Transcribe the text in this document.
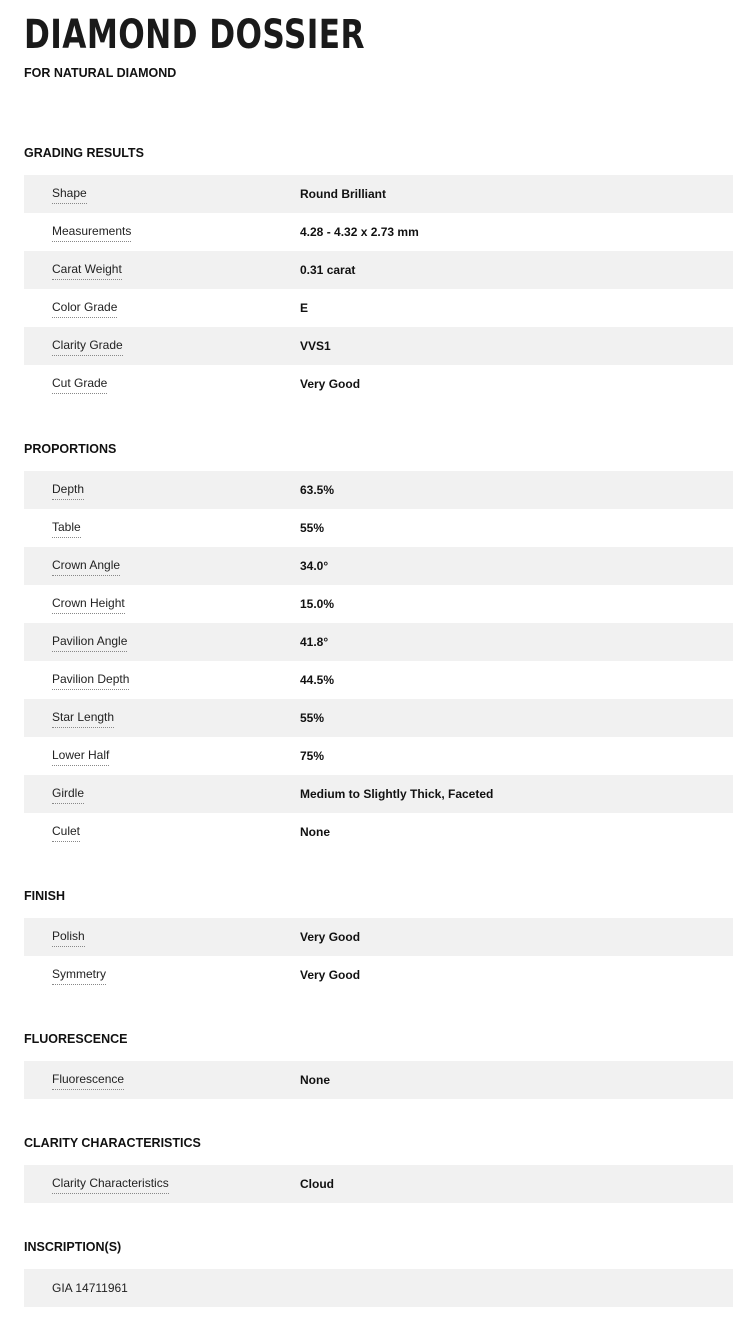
DIAMOND DOSSIER
FOR NATURAL DIAMOND
GRADING RESULTS
Shape	Round Brilliant
Measurements	4.28 - 4.32 x 2.73 mm
Carat Weight	0.31 carat
Color Grade	E
Clarity Grade	VVS1
Cut Grade	Very Good
PROPORTIONS
Depth	63.5%
Table	55%
Crown Angle	34.0°
Crown Height	15.0%
Pavilion Angle	41.8°
Pavilion Depth	44.5%
Star Length	55%
Lower Half	75%
Girdle	Medium to Slightly Thick, Faceted
Culet	None
FINISH
Polish	Very Good
Symmetry	Very Good
FLUORESCENCE
Fluorescence	None
CLARITY CHARACTERISTICS
Clarity Characteristics	Cloud
INSCRIPTION(S)
GIA 14711961
